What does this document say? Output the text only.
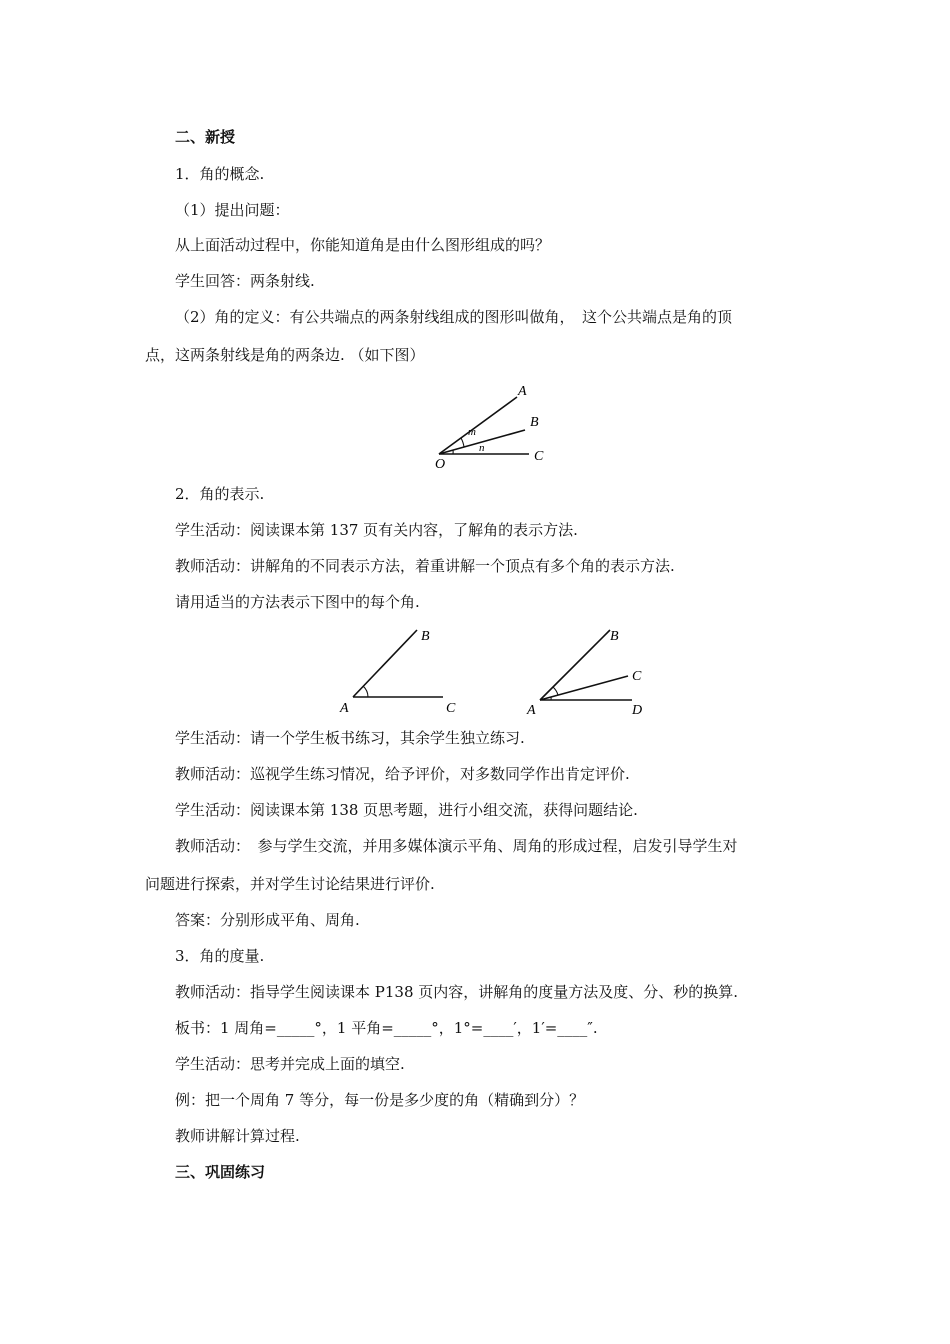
二、新授
1．角的概念.
（1）提出问题：
从上面活动过程中，你能知道角是由什么图形组成的吗？
学生回答：两条射线.
（2）角的定义：有公共端点的两条射线组成的图形叫做角，　这个公共端点是角的顶
点，这两条射线是角的两条边. （如下图）
A
B
C
O
m
n
2．角的表示.
学生活动：阅读课本第 137 页有关内容，了解角的表示方法.
教师活动：讲解角的不同表示方法，着重讲解一个顶点有多个角的表示方法.
请用适当的方法表示下图中的每个角.
B
A	C
B
C
A	D
学生活动：请一个学生板书练习，其余学生独立练习.
教师活动：巡视学生练习情况，给予评价，对多数同学作出肯定评价.
学生活动：阅读课本第 138 页思考题，进行小组交流，获得问题结论.
教师活动：　参与学生交流，并用多媒体演示平角、周角的形成过程，启发引导学生对
问题进行探索，并对学生讨论结果进行评价.
答案：分别形成平角、周角.
3．角的度量.
教师活动：指导学生阅读课本 P138 页内容，讲解角的度量方法及度、分、秒的换算.
板书：1 周角=_____°，1 平角=_____°，1°=____′，1′=____″.
学生活动：思考并完成上面的填空.
例：把一个周角 7 等分，每一份是多少度的角（精确到分）？
教师讲解计算过程.
三、巩固练习
